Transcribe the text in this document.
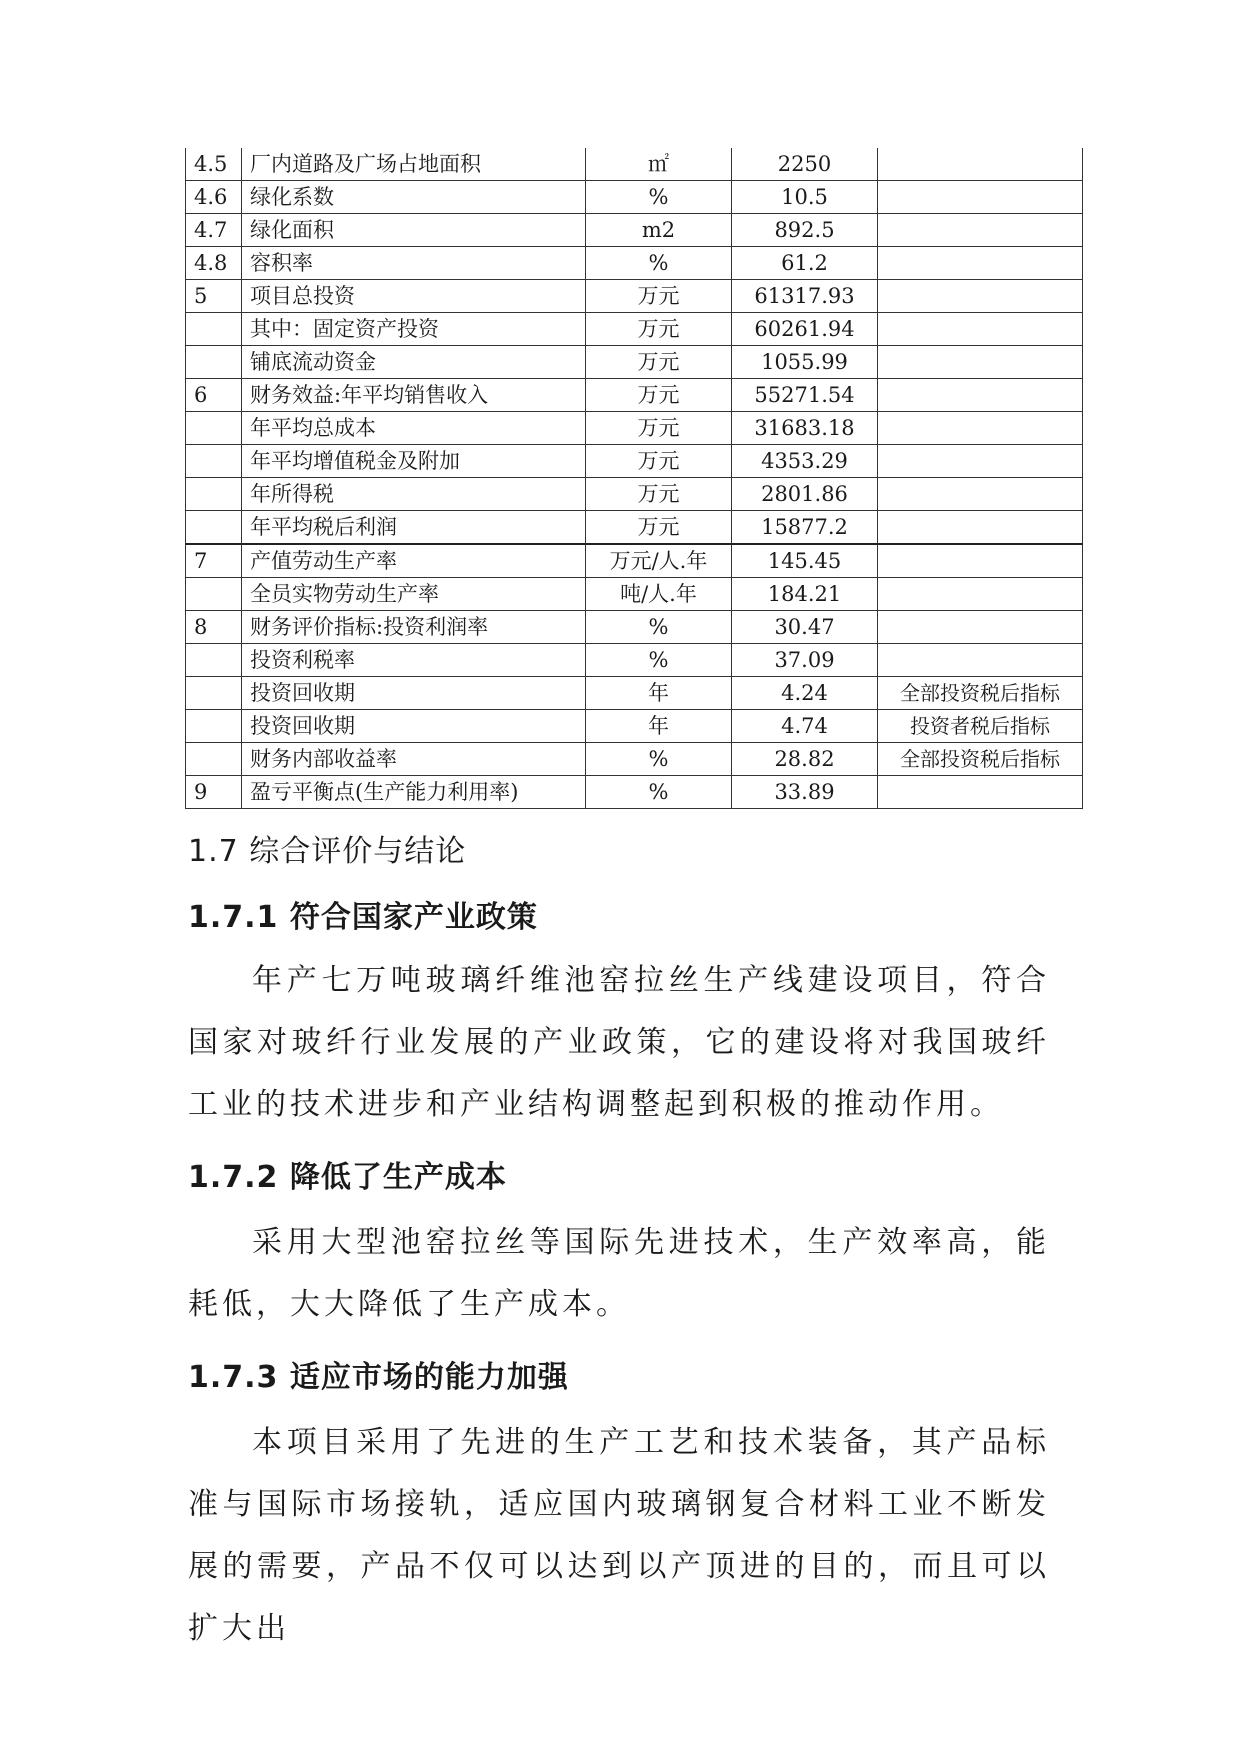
4.5	厂内道路及广场占地面积	㎡	2250	
4.6	绿化系数	%	10.5	
4.7	绿化面积	m2	892.5	
4.8	容积率	%	61.2	
5	项目总投资	万元	61317.93	
	其中：固定资产投资	万元	60261.94	
	铺底流动资金	万元	1055.99	
6	财务效益:年平均销售收入	万元	55271.54	
	年平均总成本	万元	31683.18	
	年平均增值税金及附加	万元	4353.29	
	年所得税	万元	2801.86	
	年平均税后利润	万元	15877.2	
7	产值劳动生产率	万元/人.年	145.45	
	全员实物劳动生产率	吨/人.年	184.21	
8	财务评价指标:投资利润率	%	30.47	
	投资利税率	%	37.09	
	投资回收期	年	4.24	全部投资税后指标
	投资回收期	年	4.74	投资者税后指标
	财务内部收益率	%	28.82	全部投资税后指标
9	盈亏平衡点(生产能力利用率)	%	33.89	
1.7 综合评价与结论
1.7.1 符合国家产业政策

年产七万吨玻璃纤维池窑拉丝生产线建设项目，符合国家对玻纤行业发展的产业政策，它的建设将对我国玻纤工业的技术进步和产业结构调整起到积极的推动作用。

1.7.2 降低了生产成本

采用大型池窑拉丝等国际先进技术，生产效率高，能耗低，大大降低了生产成本。

1.7.3 适应市场的能力加强

本项目采用了先进的生产工艺和技术装备，其产品标准与国际市场接轨，适应国内玻璃钢复合材料工业不断发展的需要，产品不仅可以达到以产顶进的目的，而且可以扩大出
